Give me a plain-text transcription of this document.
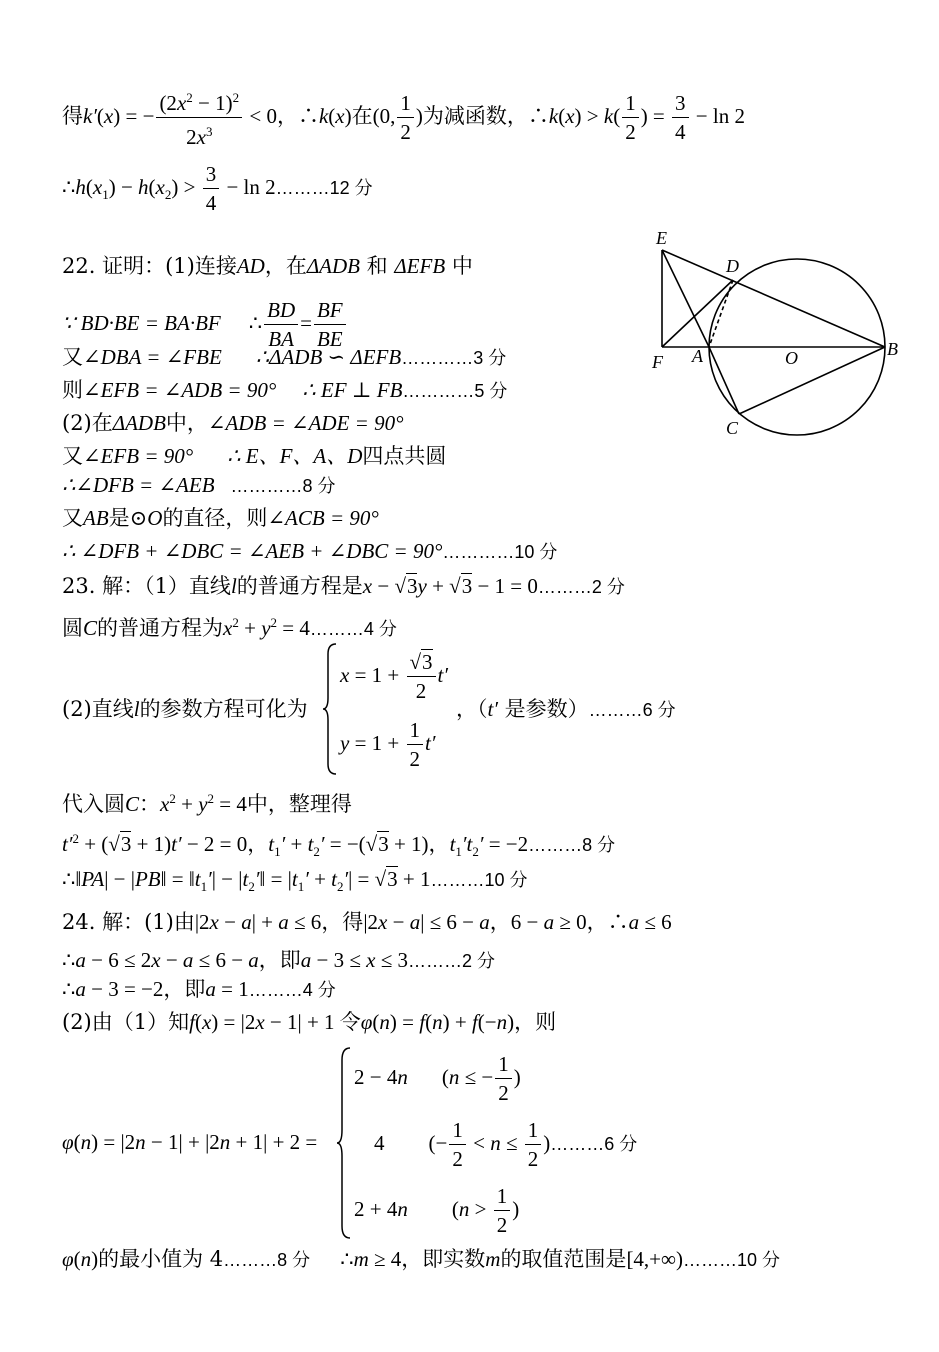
得k′(x) = − $\frac{(2x^2 - 1)^2}{2x^3} < 0$，∴k(x)在(0, $\frac{1}{2}$ )为减函数，∴k(x) > $k( \frac{1}{2}$ ) = $\frac{3}{4} - \ln 2$
$\therefore h(x_1) - h(x_2) > \frac{3}{4} - \ln$ 2………12 分
22. 证明：(1)连接AD，在ΔADB 和 ΔEFB 中
∵ BD·BE = BA·BF ∴ $\frac{BD}{BA} = \frac{BF}{BE}$
又∠DBA = ∠FBE ∴ΔADB ∽ ΔEFB…………3 分
则∠EFB = ∠ADB = 90° ∴ EF ⊥ FB…………5 分
(2)在ΔADB中，∠ADB = ∠ADE = 90°
又∠EFB = 90° ∴ E、F、A、D四点共圆
∴∠DFB = ∠AEB …………8 分
又AB是⊙O的直径，则∠ACB = 90°
∴ ∠DFB + ∠DBC = ∠AEB + ∠DBC = 90°…………10 分
E
D
F A	O	B
C
23. 解：（1）直线l的普通方程是x − √3y + √3 − 1 = 0………2 分
圆C的普通方程为$x^2 + y^2$ = 4………4 分
(2)直线l的参数方程可化为
$x = 1 + \frac{√3}{2} t'$
$y = 1 + \frac{1}{2} t'$
，（t′ 是参数）………6 分
代入圆C：$x^2 + y^2 = 4$中，整理得
$t'^2 + (√3 + 1)t' - 2 = 0$，$t_1' + t_2' = -(√3 + 1)$，$t_1't_2'$ = −2………8 分
∴‖PA| − |PB‖ = $‖t_1'|$ − $|t_2'‖ = |t_1' + t_2'| = √3$ + 1………10 分
24. 解：(1)由|2x − a| + a ≤ 6，得|2x − a| ≤ 6 − a，6 − a ≥ 0，∴a ≤ 6
∴a − 6 ≤ 2x − a ≤ 6 − a，即a − 3 ≤ x ≤ 3………2 分
∴a − 3 = −2，即a = 1………4 分
(2)由（1）知f(x) = |2x − 1| + 1 令φ(n) = f(n) + f(−n)，则
φ(n) = |2n − 1| + |2n + 1| + 2 =
2 − 4n (n ≤ − $\frac{1}{2}$ )
4 (− $\frac{1}{2} < n \le \frac{1}{2}$ )………6 分
2 + 4n ($n > \frac{1}{2}$ )
φ(n)的最小值为 4………8 分 ∴m ≥ 4，即实数m的取值范围是[4,+∞)………10 分
